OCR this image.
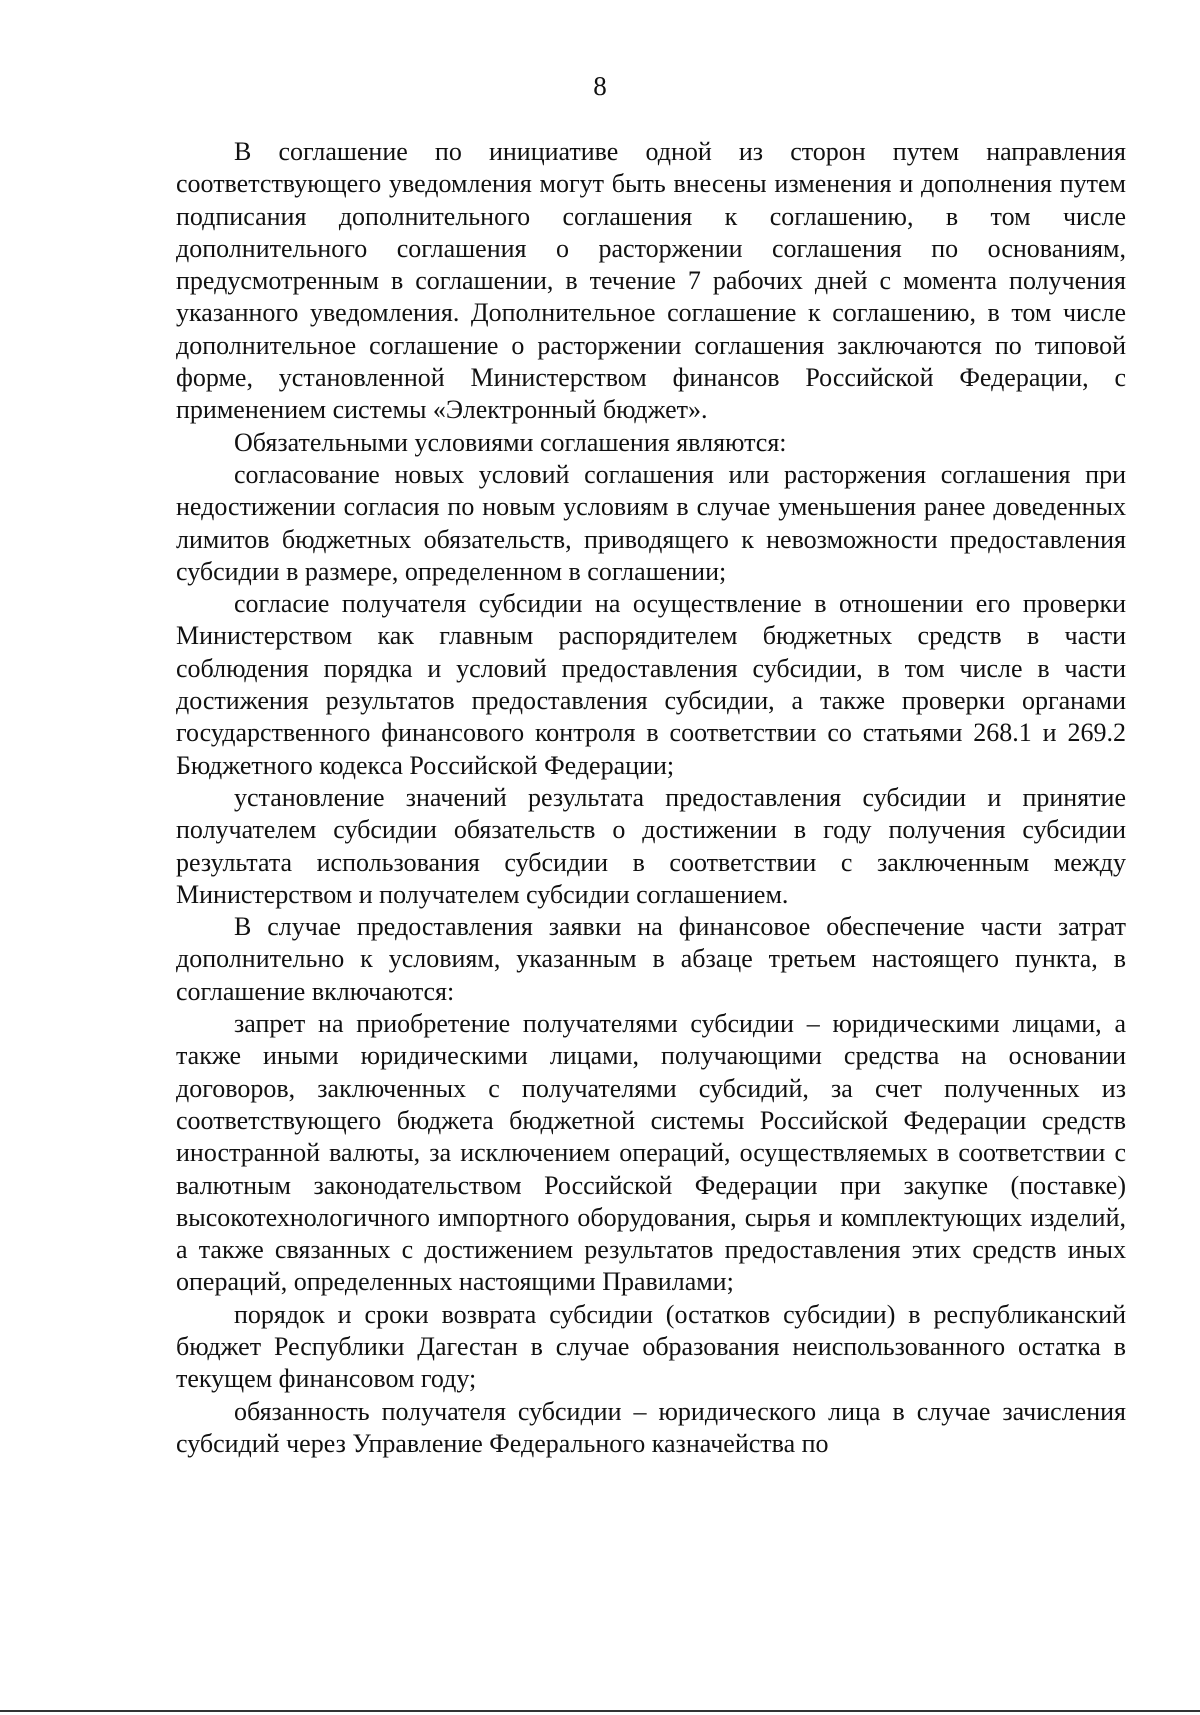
8

В соглашение по инициативе одной из сторон путем направления соответствующего уведомления могут быть внесены изменения и дополнения путем подписания дополнительного соглашения к соглашению, в том числе дополнительного соглашения о расторжении соглашения по основаниям, предусмотренным в соглашении, в течение 7 рабочих дней с момента получения указанного уведомления. Дополнительное соглашение к соглашению, в том числе дополнительное соглашение о расторжении соглашения заключаются по типовой форме, установленной Министерством финансов Российской Федерации, с применением системы «Электронный бюджет».

Обязательными условиями соглашения являются:

согласование новых условий соглашения или расторжения соглашения при недостижении согласия по новым условиям в случае уменьшения ранее доведенных лимитов бюджетных обязательств, приводящего к невозможности предоставления субсидии в размере, определенном в соглашении;

согласие получателя субсидии на осуществление в отношении его проверки Министерством как главным распорядителем бюджетных средств в части соблюдения порядка и условий предоставления субсидии, в том числе в части достижения результатов предоставления субсидии, а также проверки органами государственного финансового контроля в соответствии со статьями 268.1 и 269.2 Бюджетного кодекса Российской Федерации;

установление значений результата предоставления субсидии и принятие получателем субсидии обязательств о достижении в году получения субсидии результата использования субсидии в соответствии с заключенным между Министерством и получателем субсидии соглашением.

В случае предоставления заявки на финансовое обеспечение части затрат дополнительно к условиям, указанным в абзаце третьем настоящего пункта, в соглашение включаются:

запрет на приобретение получателями субсидии – юридическими лицами, а также иными юридическими лицами, получающими средства на основании договоров, заключенных с получателями субсидий, за счет полученных из соответствующего бюджета бюджетной системы Российской Федерации средств иностранной валюты, за исключением операций, осуществляемых в соответствии с валютным законодательством Российской Федерации при закупке (поставке) высокотехнологичного импортного оборудования, сырья и комплектующих изделий, а также связанных с достижением результатов предоставления этих средств иных операций, определенных настоящими Правилами;

порядок и сроки возврата субсидии (остатков субсидии) в республиканский бюджет Республики Дагестан в случае образования неиспользованного остатка в текущем финансовом году;

обязанность получателя субсидии – юридического лица в случае зачисления субсидий через Управление Федерального казначейства по
